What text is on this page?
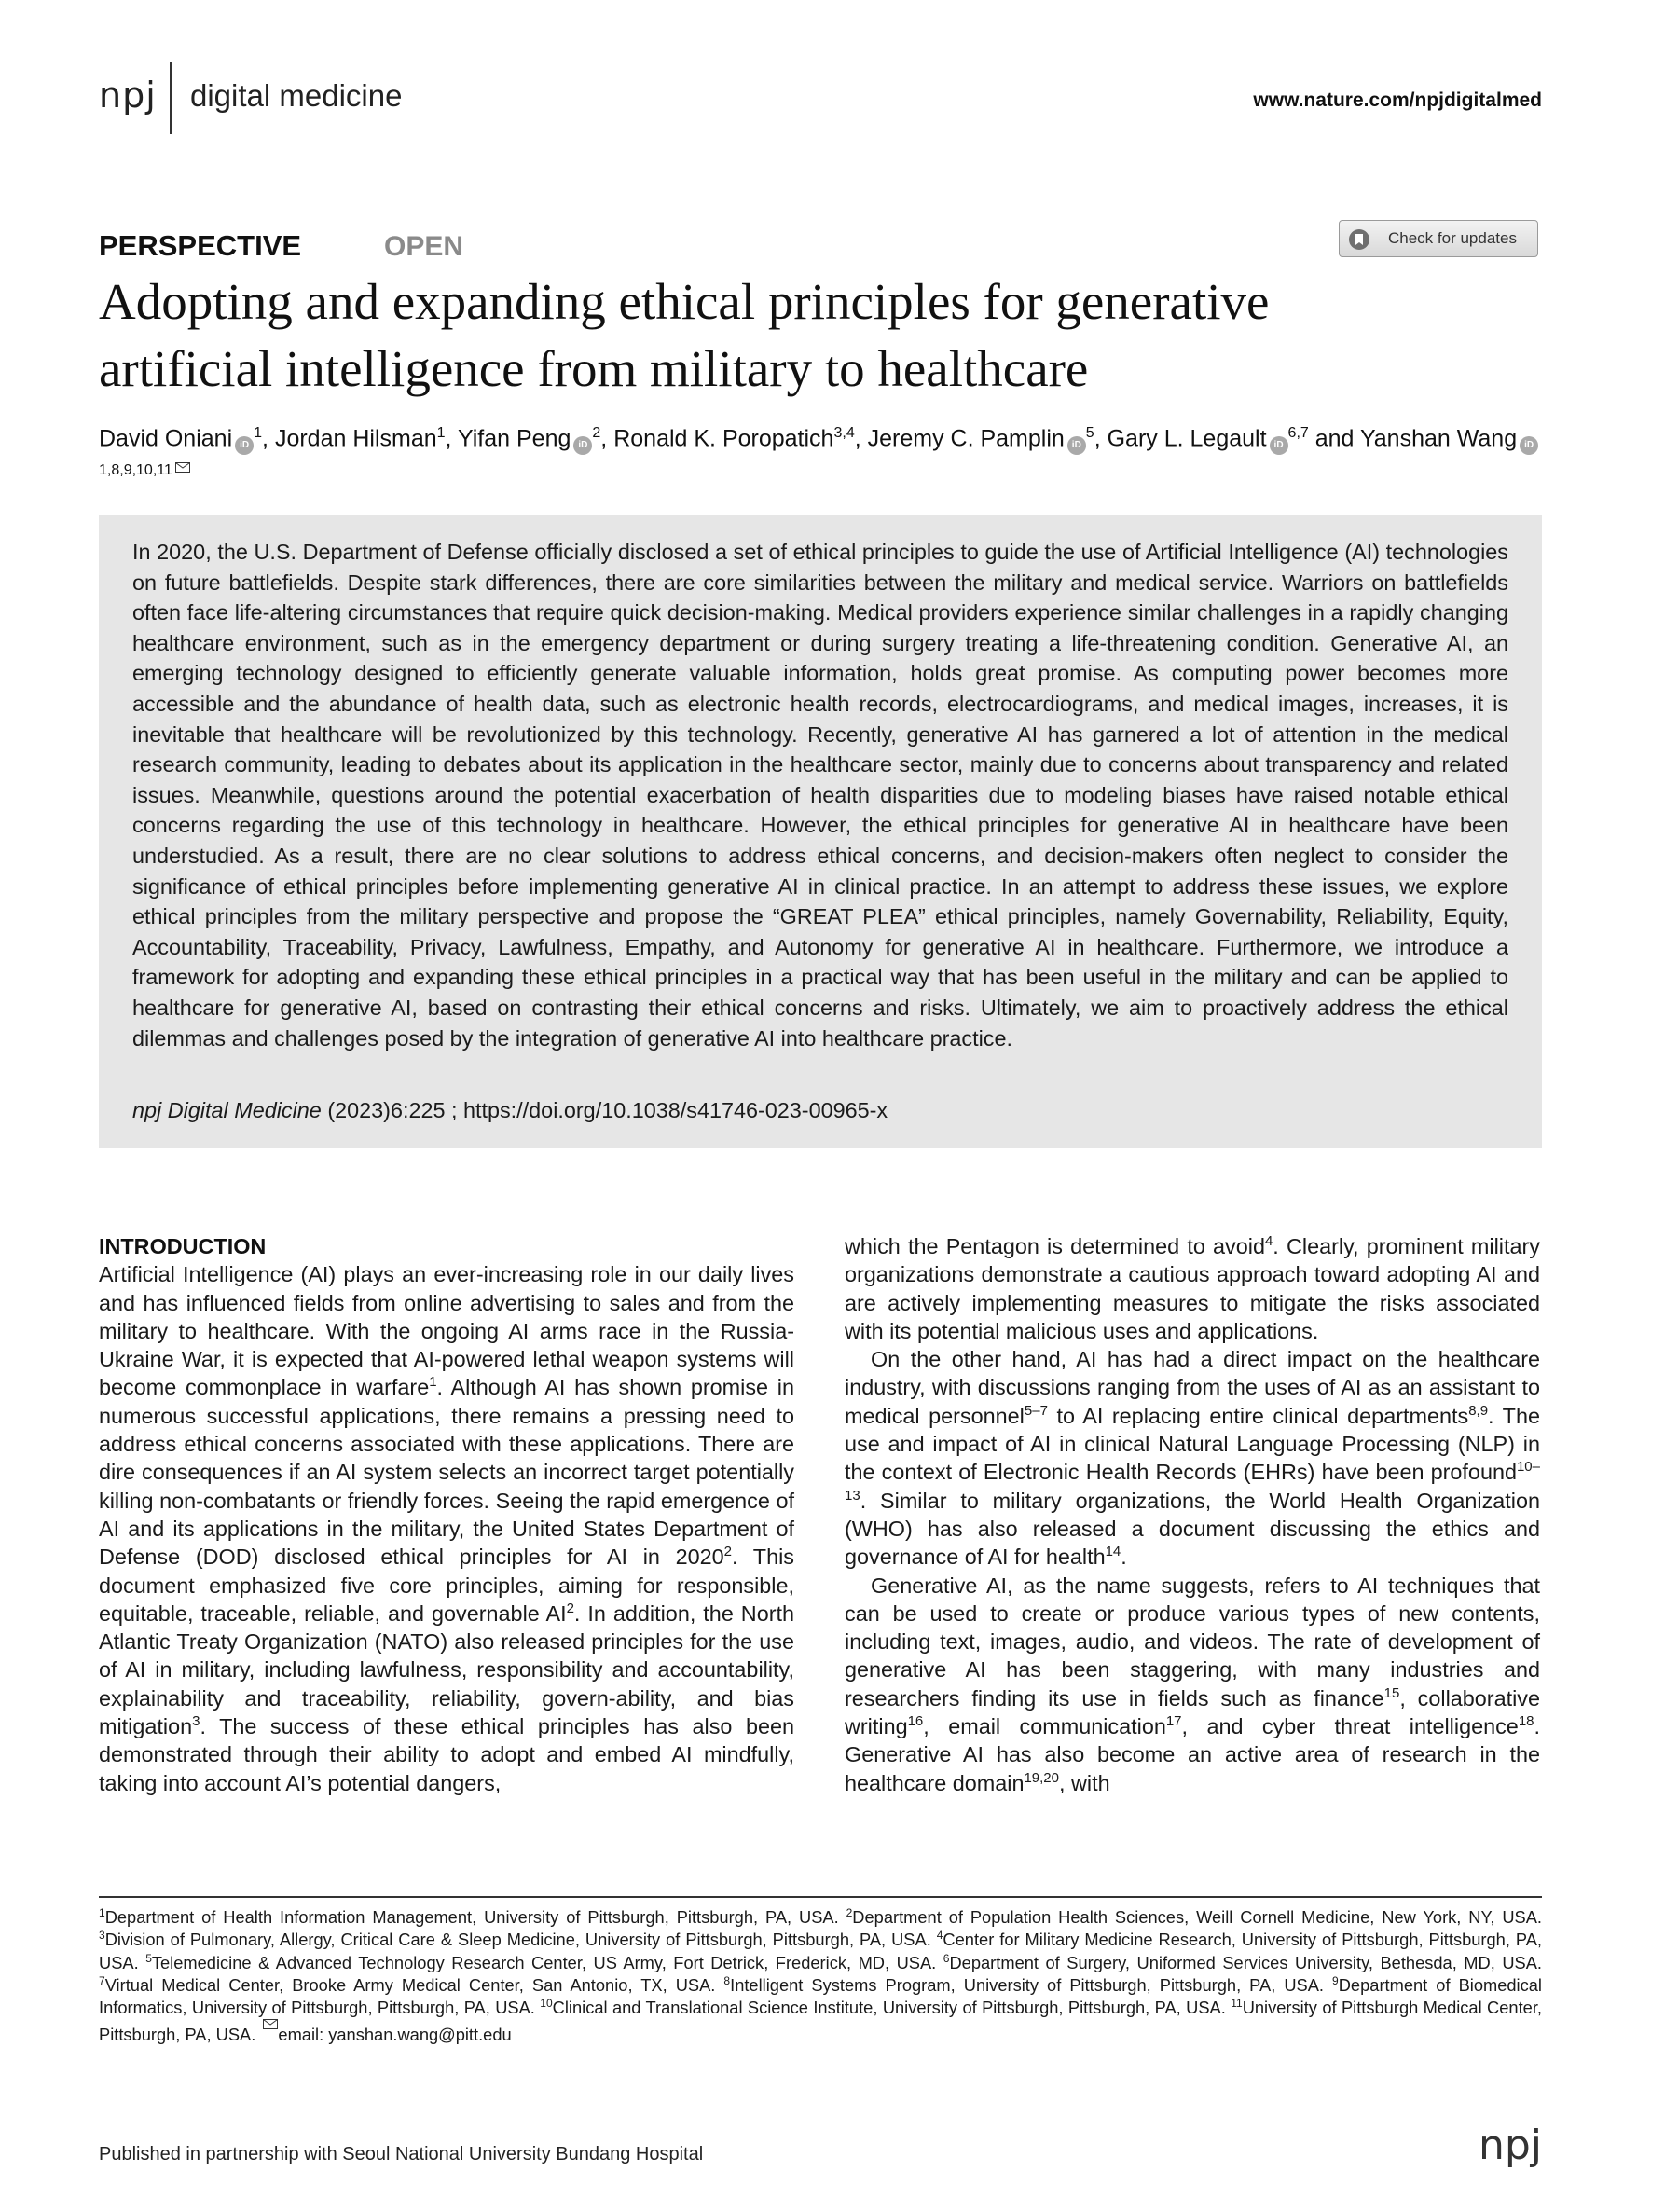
npj digital medicine	www.nature.com/npjdigitalmed
PERSPECTIVE	OPEN	Check for updates
Adopting and expanding ethical principles for generative
artificial intelligence from military to healthcare
David Oniani $iD^1$, Jordan Hilsman$^1$, Yifan Peng $iD^2$, Ronald K. Poropatich$^{3,4}$, Jeremy C. Pamplin $iD^5$, Gary L. Legault iD$^{6,7}$ and Yanshan Wang iD$^{1,8,9,10,11}$

In 2020, the U.S. Department of Defense officially disclosed a set of ethical principles to guide the use of Artificial Intelligence (AI) technologies on future battlefields. Despite stark differences, there are core similarities between the military and medical service. Warriors on battlefields often face life-altering circumstances that require quick decision-making. Medical providers experience similar challenges in a rapidly changing healthcare environment, such as in the emergency department or during surgery treating a life-threatening condition. Generative AI, an emerging technology designed to efficiently generate valuable information, holds great promise. As computing power becomes more accessible and the abundance of health data, such as electronic health records, electrocardiograms, and medical images, increases, it is inevitable that healthcare will be revolutionized by this technology. Recently, generative AI has garnered a lot of attention in the medical research community, leading to debates about its application in the healthcare sector, mainly due to concerns about transparency and related issues. Meanwhile, questions around the potential exacerbation of health disparities due to modeling biases have raised notable ethical concerns regarding the use of this technology in healthcare. However, the ethical principles for generative AI in healthcare have been understudied. As a result, there are no clear solutions to address ethical concerns, and decision-makers often neglect to consider the significance of ethical principles before implementing generative AI in clinical practice. In an attempt to address these issues, we explore ethical principles from the military perspective and propose the “GREAT PLEA” ethical principles, namely Governability, Reliability, Equity, Accountability, Traceability, Privacy, Lawfulness, Empathy, and Autonomy for generative AI in healthcare. Furthermore, we introduce a framework for adopting and expanding these ethical principles in a practical way that has been useful in the military and can be applied to healthcare for generative AI, based on contrasting their ethical concerns and risks. Ultimately, we aim to proactively address the ethical dilemmas and challenges posed by the integration of generative AI into healthcare practice.

npj Digital Medicine (2023)6:225 ; https://doi.org/10.1038/s41746-023-00965-x
INTRODUCTION

Artificial Intelligence (AI) plays an ever-increasing role in our daily lives and has influenced fields from online advertising to sales and from the military to healthcare. With the ongoing AI arms race in the Russia-Ukraine War, it is expected that AI-powered lethal weapon systems will become commonplace in warfare$^1$. Although AI has shown promise in numerous successful applications, there remains a pressing need to address ethical concerns associated with these applications. There are dire consequences if an AI system selects an incorrect target potentially killing non-combatants or friendly forces. Seeing the rapid emergence of AI and its applications in the military, the United States Department of Defense (DOD) disclosed ethical principles for AI in 2020$^2$. This document emphasized five core principles, aiming for responsible, equitable, traceable, reliable, and governable $AI^2$. In addition, the North Atlantic Treaty Organization (NATO) also released principles for the use of AI in military, including lawfulness, responsibility and accountability, explainability and traceability, reliability, govern-ability, and bias mitigation$^3$. The success of these ethical principles has also been demonstrated through their ability to adopt and embed AI mindfully, taking into account AI’s potential dangers,

which the Pentagon is determined to avoid$^4$. Clearly, prominent military organizations demonstrate a cautious approach toward adopting AI and are actively implementing measures to mitigate the risks associated with its potential malicious uses and applications.

On the other hand, AI has had a direct impact on the healthcare industry, with discussions ranging from the uses of AI as an assistant to medical personnel$^{5-7}$ to AI replacing entire clinical departments$^{8,9}$. The use and impact of AI in clinical Natural Language Processing (NLP) in the context of Electronic Health Records (EHRs) have been profound$^{10-13}$. Similar to military organizations, the World Health Organization (WHO) has also released a document discussing the ethics and governance of AI for health$^{14}$.

Generative AI, as the name suggests, refers to AI techniques that can be used to create or produce various types of new contents, including text, images, audio, and videos. The rate of development of generative AI has been staggering, with many industries and researchers finding its use in fields such as finance$^{15}$, collaborative writing$^{16}$, email communication$^{17}$, and cyber threat intelligence$^{18}$. Generative AI has also become an active area of research in the healthcare domain$^{19,20}$, with

$^1$Department of Health Information Management, University of Pittsburgh, Pittsburgh, PA, USA. $^2$Department of Population Health Sciences, Weill Cornell Medicine, New York, NY, USA. $^3$Division of Pulmonary, Allergy, Critical Care & Sleep Medicine, University of Pittsburgh, Pittsburgh, PA, USA. $^4$Center for Military Medicine Research, University of Pittsburgh, Pittsburgh, PA, USA. $^5$Telemedicine & Advanced Technology Research Center, US Army, Fort Detrick, Frederick, MD, USA. $^6$Department of Surgery, Uniformed Services University, Bethesda, MD, USA. $^7$Virtual Medical Center, Brooke Army Medical Center, San Antonio, TX, USA. $^8$Intelligent Systems Program, University of Pittsburgh, Pittsburgh, PA, USA. $^9$Department of Biomedical Informatics, University of Pittsburgh, Pittsburgh, PA, USA. $^{10}$Clinical and Translational Science Institute, University of Pittsburgh, Pittsburgh, PA, USA. $^{11}$University of Pittsburgh Medical Center, Pittsburgh, PA, USA. email: yanshan.wang@pitt.edu

Published in partnership with Seoul National University Bundang Hospital	npj
